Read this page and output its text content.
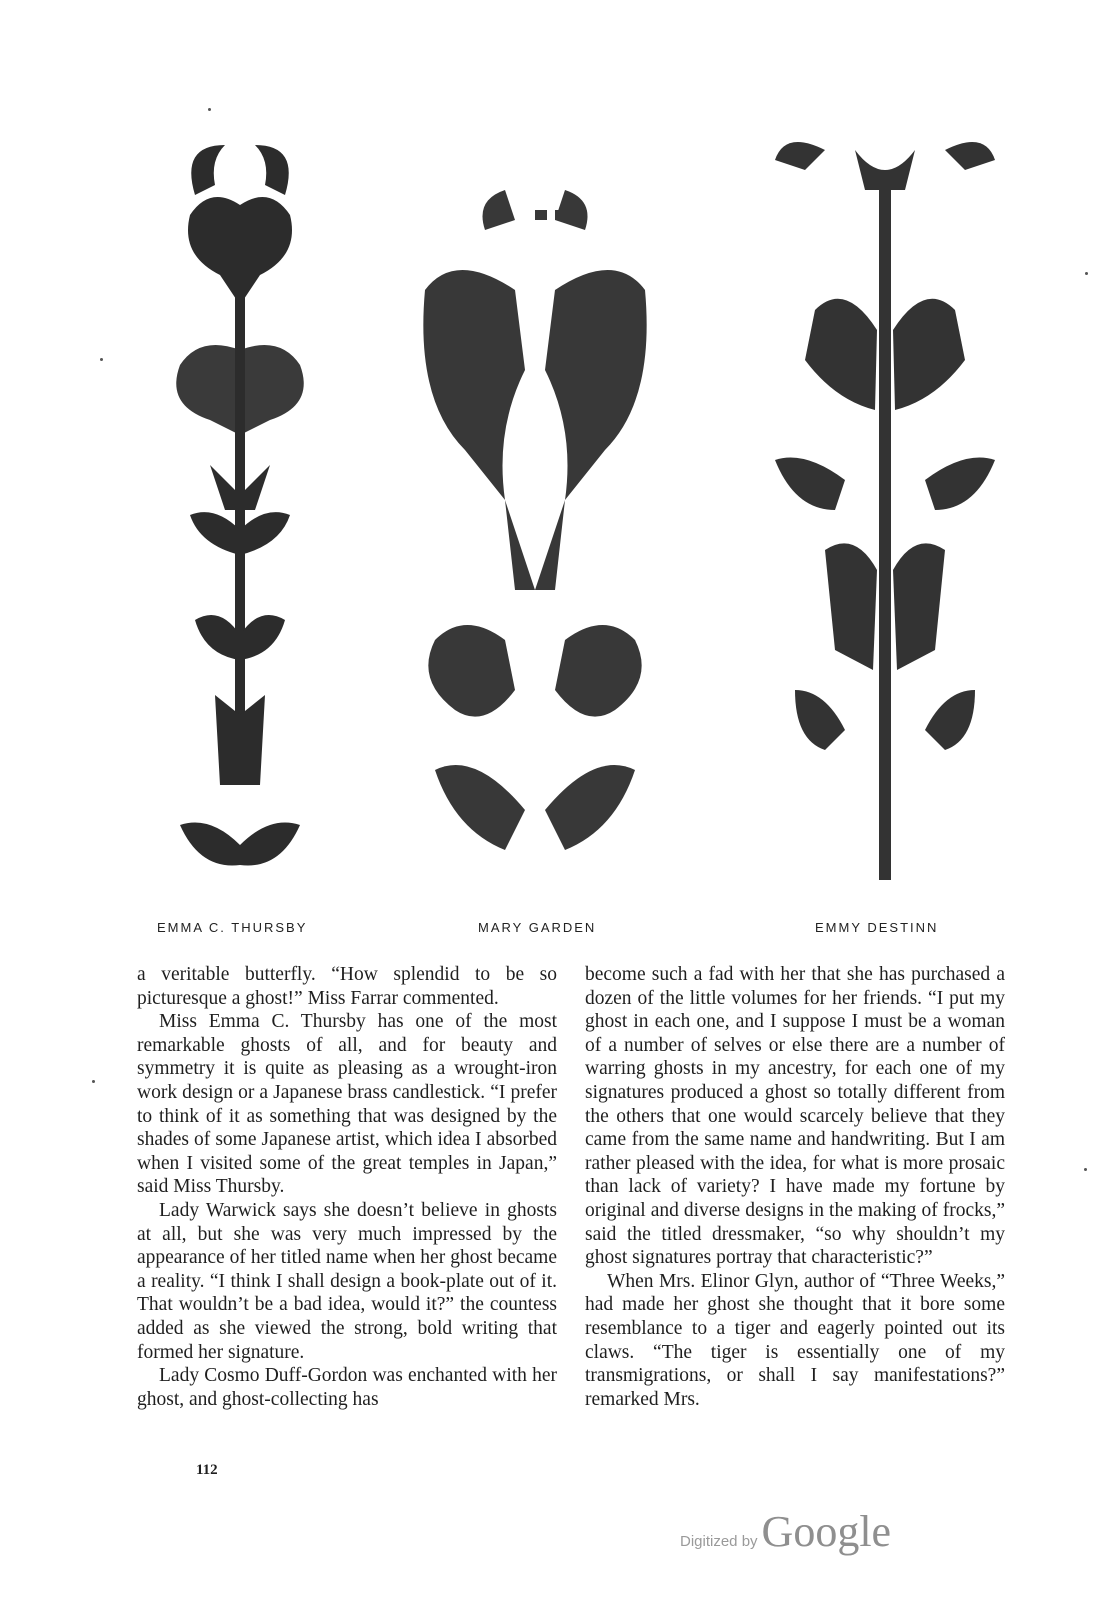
EMMA C. THURSBY	MARY GARDEN	EMMY DESTINN

a veritable butterfly. “How splendid to be so picturesque a ghost!” Miss Farrar commented.

Miss Emma C. Thursby has one of the most remarkable ghosts of all, and for beauty and symmetry it is quite as pleasing as a wrought-iron work design or a Japanese brass candlestick. “I prefer to think of it as something that was designed by the shades of some Japanese artist, which idea I absorbed when I visited some of the great temples in Japan,” said Miss Thursby.

Lady Warwick says she doesn’t believe in ghosts at all, but she was very much impressed by the appearance of her titled name when her ghost became a reality. “I think I shall design a book-plate out of it. That wouldn’t be a bad idea, would it?” the countess added as she viewed the strong, bold writing that formed her signature.

Lady Cosmo Duff-Gordon was enchanted with her ghost, and ghost-collecting has

become such a fad with her that she has purchased a dozen of the little volumes for her friends. “I put my ghost in each one, and I suppose I must be a woman of a number of selves or else there are a number of warring ghosts in my ancestry, for each one of my signatures produced a ghost so totally different from the others that one would scarcely believe that they came from the same name and handwriting. But I am rather pleased with the idea, for what is more prosaic than lack of variety? I have made my fortune by original and diverse designs in the making of frocks,” said the titled dressmaker, “so why shouldn’t my ghost signatures portray that characteristic?”

When Mrs. Elinor Glyn, author of “Three Weeks,” had made her ghost she thought that it bore some resemblance to a tiger and eagerly pointed out its claws. “The tiger is essentially one of my transmigrations, or shall I say manifestations?” remarked Mrs.

112
Digitized by Google
